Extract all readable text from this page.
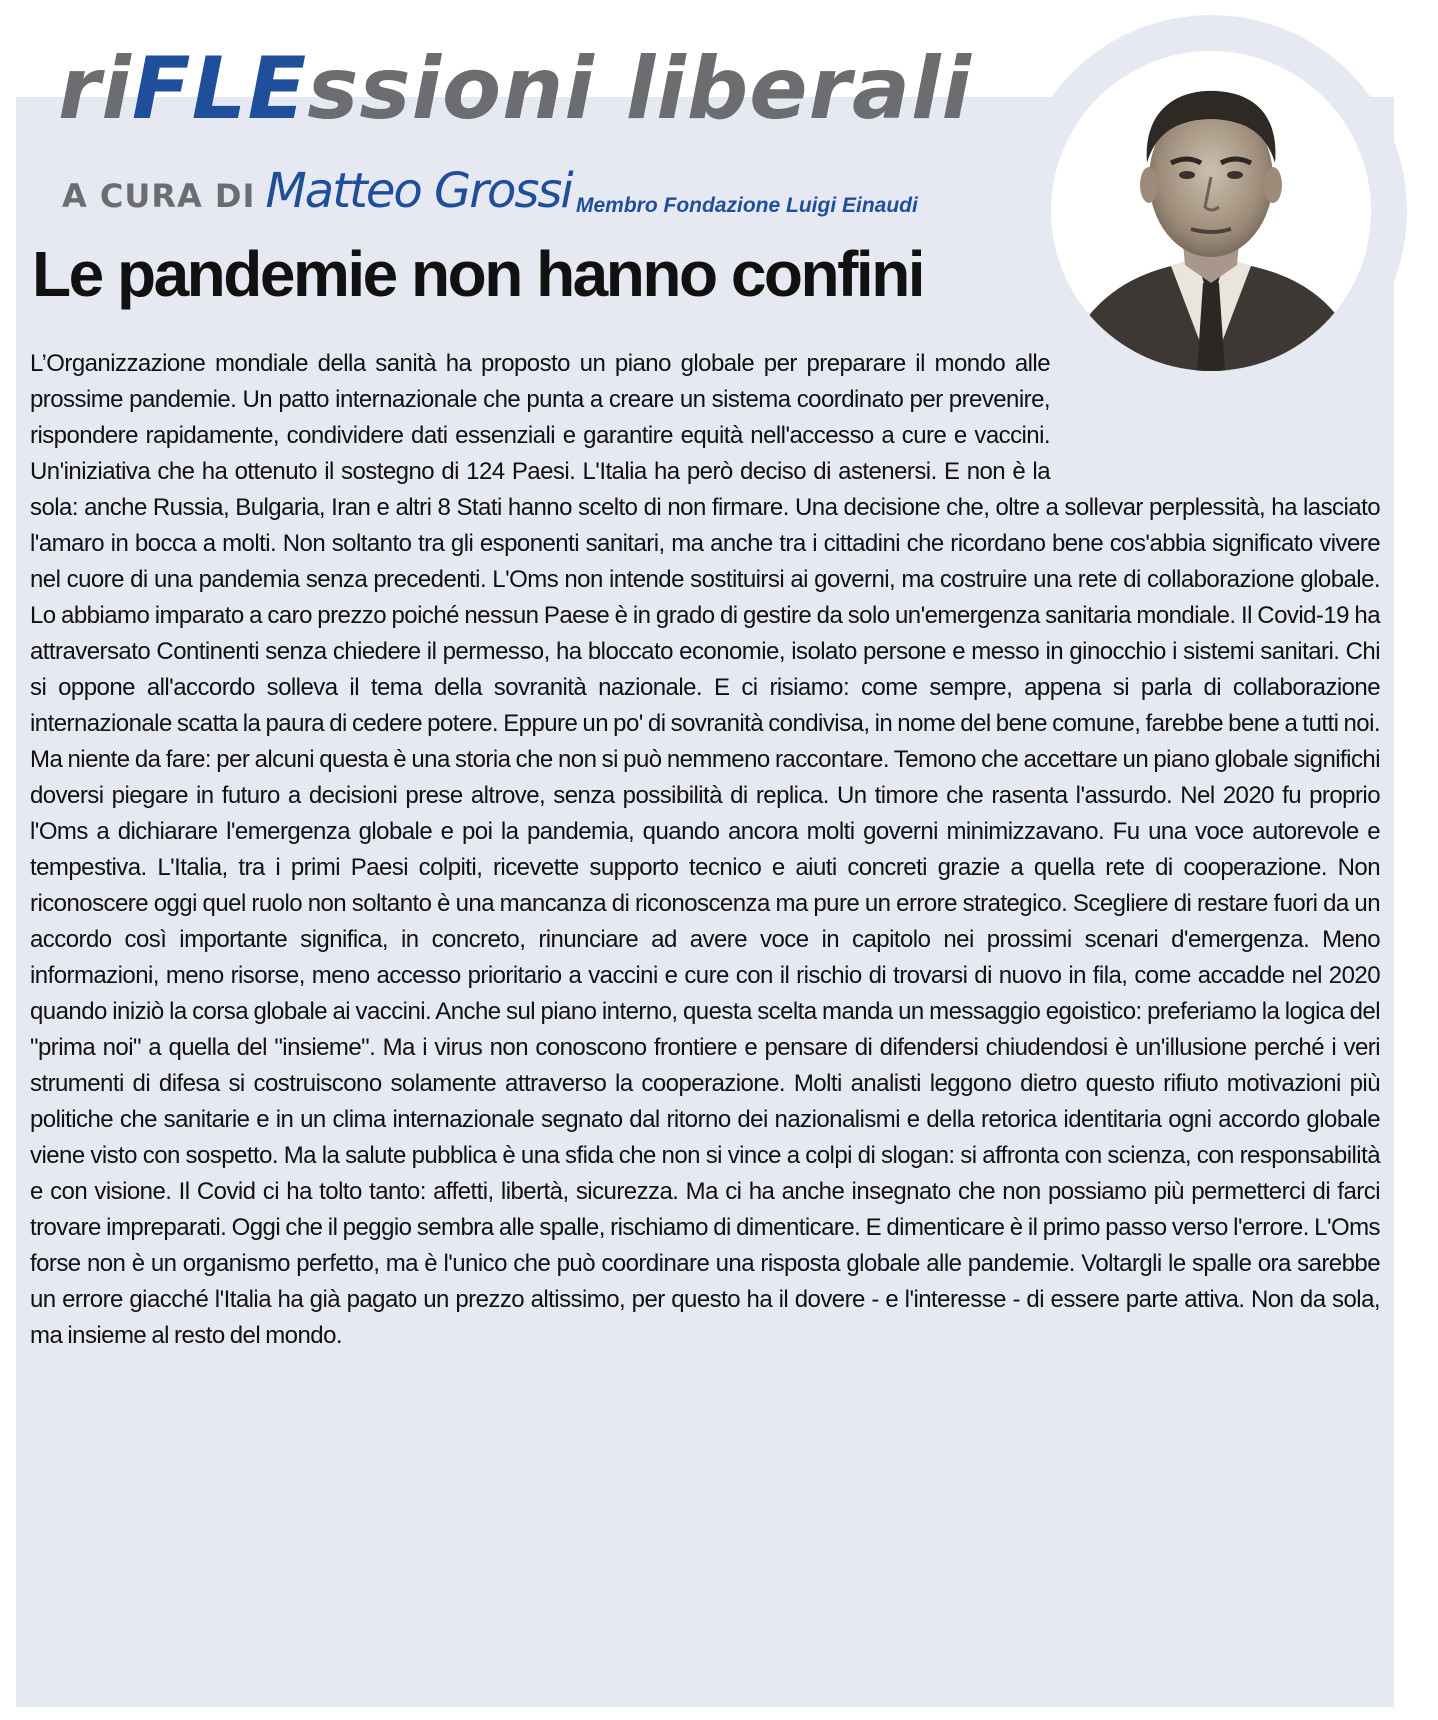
riFLEssioni liberali
A CURA DI Matteo Grossi Membro Fondazione Luigi Einaudi
Le pandemie non hanno confini

L’Organizzazione mondiale della sanità ha proposto un piano globale per preparare il mondo alle prossime pandemie. Un patto internazionale che punta a creare un sistema coordinato per prevenire, rispondere rapidamente, condividere dati essenziali e garantire equità nell'accesso a cure e vaccini. Un'iniziativa che ha ottenuto il sostegno di 124 Paesi. L'Italia ha però deciso di astenersi. E non è la sola: anche Russia, Bulgaria, Iran e altri 8 Stati hanno scelto di non firmare. Una decisione che, oltre a sollevar perplessità, ha lasciato l'amaro in bocca a molti. Non soltanto tra gli esponenti sanitari, ma anche tra i cittadini che ricordano bene cos'abbia significato vivere nel cuore di una pandemia senza precedenti. L'Oms non intende sostituirsi ai governi, ma costruire una rete di collaborazione globale. Lo abbiamo imparato a caro prezzo poiché nessun Paese è in grado di gestire da solo un'emergenza sanitaria mondiale. Il Covid-19 ha attraversato Continenti senza chiedere il permesso, ha bloccato economie, isolato persone e messo in ginocchio i sistemi sanitari. Chi si oppone all'accordo solleva il tema della sovranità nazionale. E ci risiamo: come sempre, appena si parla di collaborazione internazionale scatta la paura di cedere potere. Eppure un po' di sovranità condivisa, in nome del bene comune, farebbe bene a tutti noi. Ma niente da fare: per alcuni questa è una storia che non si può nemmeno raccontare. Temono che accettare un piano globale significhi doversi piegare in futuro a decisioni prese altrove, senza possibilità di replica. Un timore che rasenta l'assurdo. Nel 2020 fu proprio l'Oms a dichiarare l'emergenza globale e poi la pandemia, quando ancora molti governi minimizzavano. Fu una voce autorevole e tempestiva. L'Italia, tra i primi Paesi colpiti, ricevette supporto tecnico e aiuti concreti grazie a quella rete di cooperazione. Non riconoscere oggi quel ruolo non soltanto è una mancanza di riconoscenza ma pure un errore strategico. Scegliere di restare fuori da un accordo così importante significa, in concreto, rinunciare ad avere voce in capitolo nei prossimi scenari d'emergenza. Meno informazioni, meno risorse, meno accesso prioritario a vaccini e cure con il rischio di trovarsi di nuovo in fila, come accadde nel 2020 quando iniziò la corsa globale ai vaccini. Anche sul piano interno, questa scelta manda un messaggio egoistico: preferiamo la logica del "prima noi" a quella del "insieme". Ma i virus non conoscono frontiere e pensare di difendersi chiudendosi è un'illusione perché i veri strumenti di difesa si costruiscono solamente attraverso la cooperazione. Molti analisti leggono dietro questo rifiuto motivazioni più politiche che sanitarie e in un clima internazionale segnato dal ritorno dei nazionalismi e della retorica identitaria ogni accordo globale viene visto con sospetto. Ma la salute pubblica è una sfida che non si vince a colpi di slogan: si affronta con scienza, con responsabilità e con visione. Il Covid ci ha tolto tanto: affetti, libertà, sicurezza. Ma ci ha anche insegnato che non possiamo più permetterci di farci trovare impreparati. Oggi che il peggio sembra alle spalle, rischiamo di dimenticare. E dimenticare è il primo passo verso l'errore. L'Oms forse non è un organismo perfetto, ma è l'unico che può coordinare una risposta globale alle pandemie. Voltargli le spalle ora sarebbe un errore giacché l'Italia ha già pagato un prezzo altissimo, per questo ha il dovere - e l'interesse - di essere parte attiva. Non da sola, ma insieme al resto del mondo.
